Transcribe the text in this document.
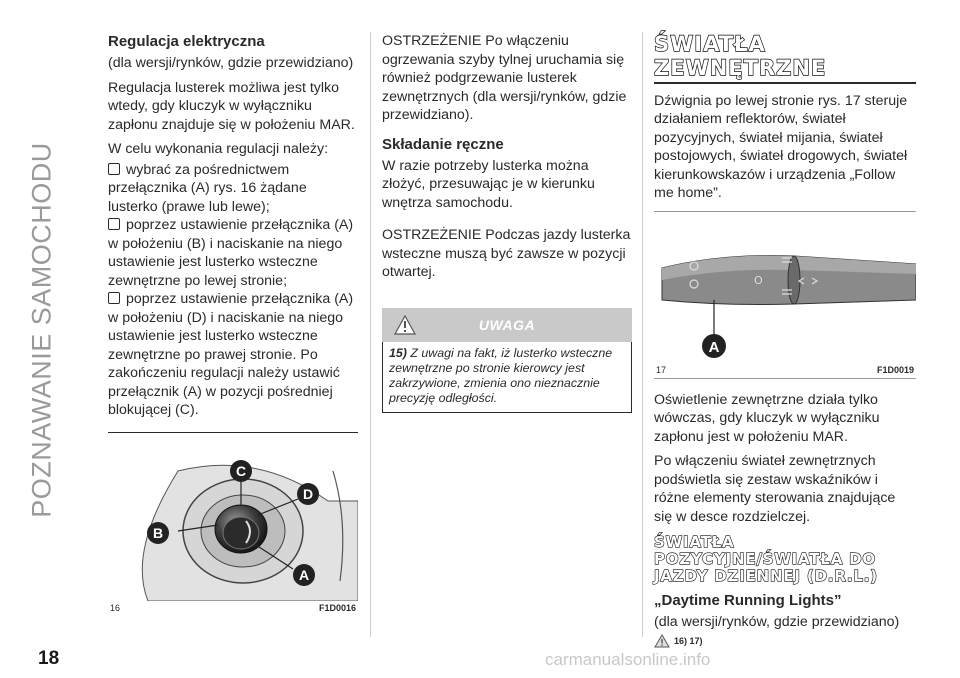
POZNAWANIE SAMOCHODU
Regulacja elektryczna

(dla wersji/rynków, gdzie przewidziano)

Regulacja lusterek możliwa jest tylko wtedy, gdy kluczyk w wyłączniku zapłonu znajduje się w położeniu MAR.

W celu wykonania regulacji należy:

wybrać za pośrednictwem przełącznika (A) rys. 16 żądane lusterko (prawe lub lewe);

poprzez ustawienie przełącznika (A) w położeniu (B) i naciskanie na niego ustawienie jest lusterko wsteczne zewnętrzne po lewej stronie;

poprzez ustawienie przełącznika (A) w położeniu (D) i naciskanie na niego ustawienie jest lusterko wsteczne zewnętrzne po prawej stronie. Po zakończeniu regulacji należy ustawić przełącznik (A) w pozycji pośredniej blokującej (C).

C
D
B
A
16	F1D0016

OSTRZEŻENIE Po włączeniu ogrzewania szyby tylnej uruchamia się również podgrzewanie lusterek zewnętrznych (dla wersji/rynków, gdzie przewidziano).

Składanie ręczne

W razie potrzeby lusterka można złożyć, przesuwając je w kierunku wnętrza samochodu.

OSTRZEŻENIE Podczas jazdy lusterka wsteczne muszą być zawsze w pozycji otwartej.

UWAGA
15) Z uwagi na fakt, iż lusterko wsteczne zewnętrzne po stronie kierowcy jest zakrzywione, zmienia ono nieznacznie precyzję odległości.
ŚWIATŁA
ZEWNĘTRZNE

Dźwignia po lewej stronie rys. 17 steruje działaniem reflektorów, świateł pozycyjnych, świateł mijania, świateł postojowych, świateł drogowych, świateł kierunkowskazów i urządzenia „Follow me home”.

O
A
17	F1D0019

Oświetlenie zewnętrzne działa tylko wówczas, gdy kluczyk w wyłączniku zapłonu jest w położeniu MAR.

Po włączeniu świateł zewnętrznych podświetla się zestaw wskaźników i różne elementy sterowania znajdujące się w desce rozdzielczej.

ŚWIATŁA
POZYCYJNE/ŚWIATŁA DO
JAZDY DZIENNEJ (D.R.L.)
„Daytime Running Lights”

(dla wersji/rynków, gdzie przewidziano)

16) 17)
18	carmanualsonline.info
